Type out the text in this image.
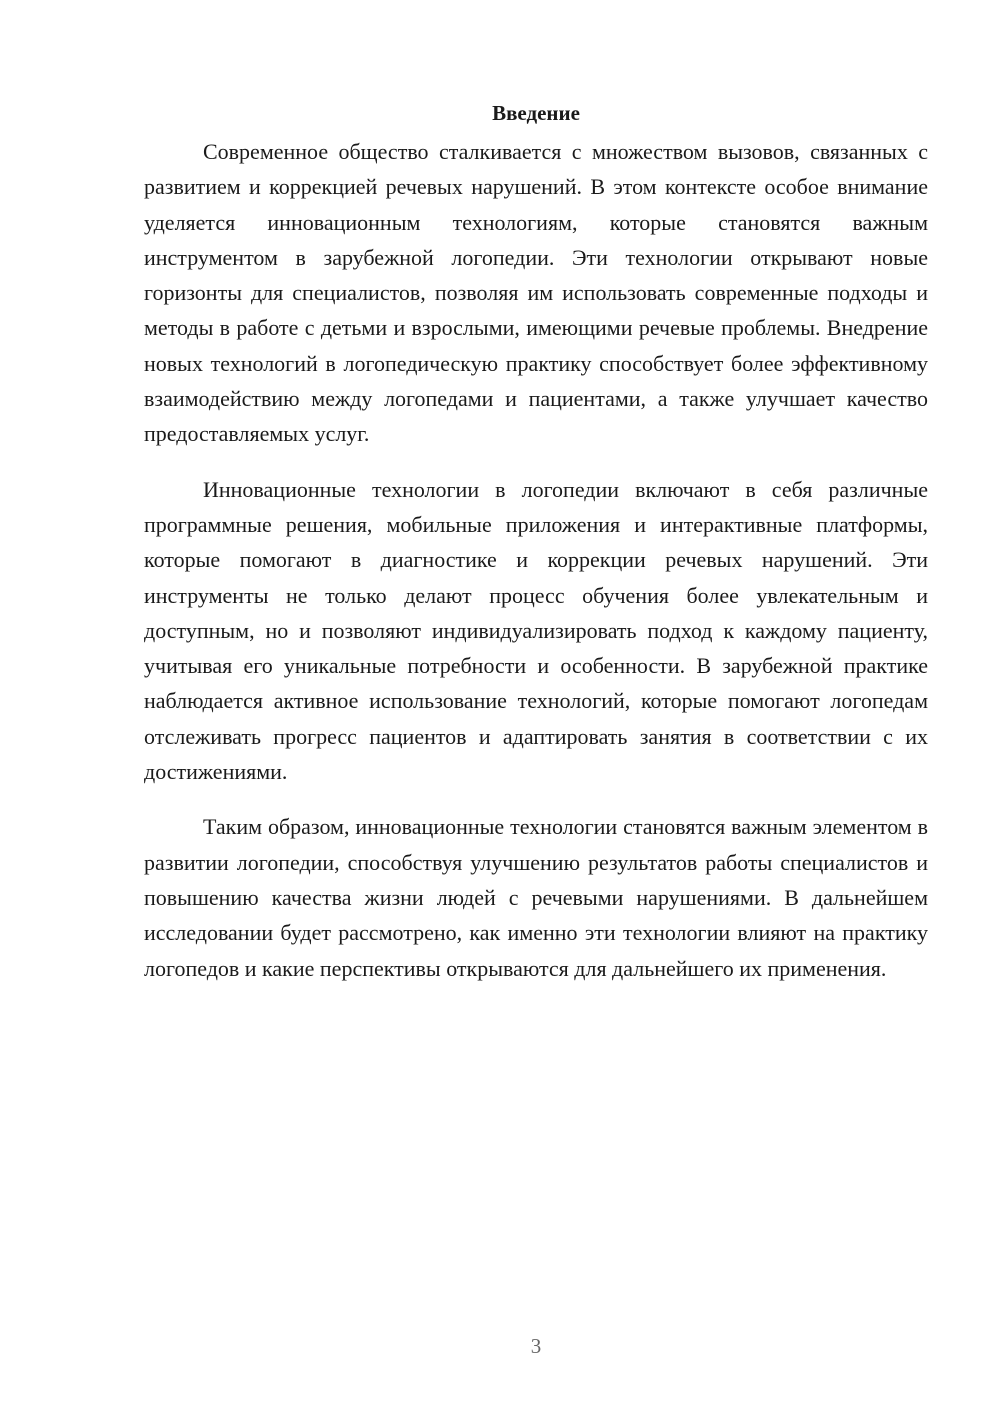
Введение

Современное общество сталкивается с множеством вызовов, связанных с развитием и коррекцией речевых нарушений. В этом контексте особое внимание уделяется инновационным технологиям, которые становятся важным инструментом в зарубежной логопедии. Эти технологии открывают новые горизонты для специалистов, позволяя им использовать современные подходы и методы в работе с детьми и взрослыми, имеющими речевые проблемы. Внедрение новых технологий в логопедическую практику способствует более эффективному взаимодействию между логопедами и пациентами, а также улучшает качество предоставляемых услуг.

Инновационные технологии в логопедии включают в себя различные программные решения, мобильные приложения и интерактивные платформы, которые помогают в диагностике и коррекции речевых нарушений. Эти инструменты не только делают процесс обучения более увлекательным и доступным, но и позволяют индивидуализировать подход к каждому пациенту, учитывая его уникальные потребности и особенности. В зарубежной практике наблюдается активное использование технологий, которые помогают логопедам отслеживать прогресс пациентов и адаптировать занятия в соответствии с их достижениями.

Таким образом, инновационные технологии становятся важным элементом в развитии логопедии, способствуя улучшению результатов работы специалистов и повышению качества жизни людей с речевыми нарушениями. В дальнейшем исследовании будет рассмотрено, как именно эти технологии влияют на практику логопедов и какие перспективы открываются для дальнейшего их применения.

3
